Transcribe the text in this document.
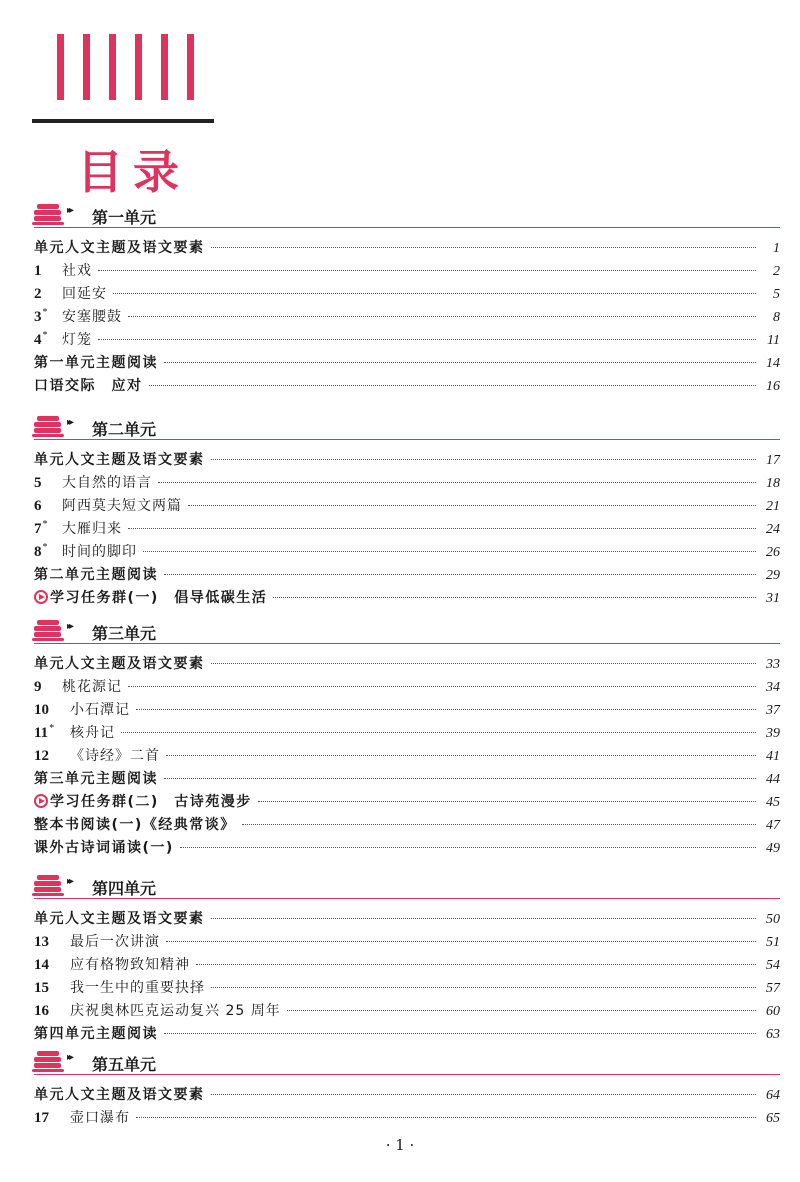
目录
▸▸ 第一单元
单元人文主题及语文要素	1
1	社戏	2
2	回延安	5
3 *	安塞腰鼓	8
4 *	灯笼	11
第一单元主题阅读	14
口语交际　应对	16
▸▸ 第二单元
单元人文主题及语文要素	17
5	大自然的语言	18
6	阿西莫夫短文两篇	21
7 *	大雁归来	24
8 *	时间的脚印	26
第二单元主题阅读	29
学习任务群(一)　倡导低碳生活	31
▸▸ 第三单元
单元人文主题及语文要素	33
9	桃花源记	34
10	小石潭记	37
11 *	核舟记	39
12	《诗经》二首	41
第三单元主题阅读	44
学习任务群(二)　古诗苑漫步	45
整本书阅读(一)《经典常谈》	47
课外古诗词诵读(一)	49
▸▸ 第四单元
单元人文主题及语文要素	50
13	最后一次讲演	51
14	应有格物致知精神	54
15	我一生中的重要抉择	57
16	庆祝奥林匹克运动复兴 25 周年	60
第四单元主题阅读	63
▸▸ 第五单元
单元人文主题及语文要素	64
17	壶口瀑布	65
· 1 ·
